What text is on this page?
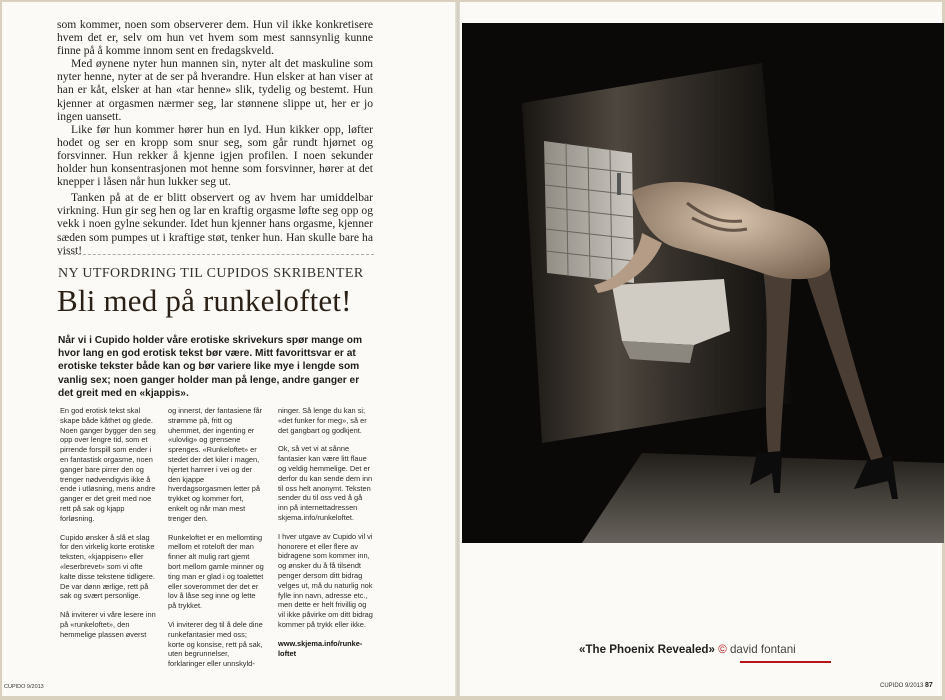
som kommer, noen som observerer dem. Hun vil ikke konkretisere hvem det er, selv om hun vet hvem som mest sannsynlig kunne finne på å komme innom sent en fredagskveld.

Med øynene nyter hun mannen sin, nyter alt det maskuline som nyter henne, nyter at de ser på hverandre. Hun elsker at han viser at han er kåt, elsker at han «tar henne» slik, tydelig og bestemt. Hun kjenner at orgasmen nærmer seg, lar stønnene slippe ut, her er jo ingen uansett.

Like før hun kommer hører hun en lyd. Hun kikker opp, løfter hodet og ser en kropp som snur seg, som går rundt hjørnet og forsvinner. Hun rekker å kjenne igjen profilen. I noen sekunder holder hun konsentrasjonen mot henne som forsvinner, hører at det knepper i låsen når hun lukker seg ut.

Tanken på at de er blitt observert og av hvem har umiddelbar virkning. Hun gir seg hen og lar en kraftig orgasme løfte seg opp og vekk i noen gylne sekunder. Idet hun kjenner hans orgasme, kjenner sæden som pumpes ut i kraftige støt, tenker hun. Han skulle bare ha visst!

NY UTFORDRING TIL CUPIDOS SKRIBENTER
Bli med på runkeloftet!
Når vi i Cupido holder våre erotiske skrivekurs spør mange om hvor lang en god erotisk tekst bør være. Mitt favorittsvar er at erotiske tekster både kan og bør variere like mye i lengde som vanlig sex; noen ganger holder man på lenge, andre ganger er det greit med en «kjappis».

En god erotisk tekst skal skape både kåthet og glede. Noen ganger bygger den seg opp over lengre tid, som et pirrende forspill som ender i en fantastisk orgasme, noen ganger bare pirrer den og trenger nødvendigvis ikke å ende i utløsning, mens andre ganger er det greit med noe rett på sak og kjapp forløsning.

Cupido ønsker å slå et slag for den virkelig korte erotiske teksten, «kjappisen» eller «leserbrevet» som vi ofte kalte disse tekstene tidligere. De var dønn ærlige, rett på sak og svært personlige.

Nå inviterer vi våre lesere inn på «runkeloftet», den hemmelige plassen øverst

og innerst, der fantasiene får strømme på, fritt og uhemmet, der ingenting er «ulovlig» og grensene sprenges. «Runkeloftet» er stedet der det kiler i magen, hjertet hamrer i vei og der den kjappe hverdagsorgasmen letter på trykket og kommer fort, enkelt og når man mest trenger den.

Runkeloftet er en mellomting mellom et roteloft der man finner alt mulig rart gjemt bort mellom gamle minner og ting man er glad i og toalettet eller soverommet der det er lov å låse seg inne og lette på trykket.

Vi inviterer deg til å dele dine runkefantasier med oss; korte og konsise, rett på sak, uten begrunnelser, forklaringer eller unnskyld-

ninger. Så lenge du kan si; «det funker for meg», så er det gangbart og godkjent.

Ok, så vet vi at sånne fantasier kan være litt flaue og veldig hemmelige. Det er derfor du kan sende dem inn til oss helt anonymt. Teksten sender du til oss ved å gå inn på internettadressen skjema.info/runkeloftet.

I hver utgave av Cupido vil vi honorere et eller flere av bidragene som kommer inn, og ønsker du å få tilsendt penger dersom ditt bidrag velges ut, må du naturlig nok fylle inn navn, adresse etc., men dette er helt frivillig og vil ikke påvirke om ditt bidrag kommer på trykk eller ikke.

www.skjema.info/runke-loftet

CUPIDO 9/2013
«The Phoenix Revealed» © david fontani
CUPIDO 9/2013 87
